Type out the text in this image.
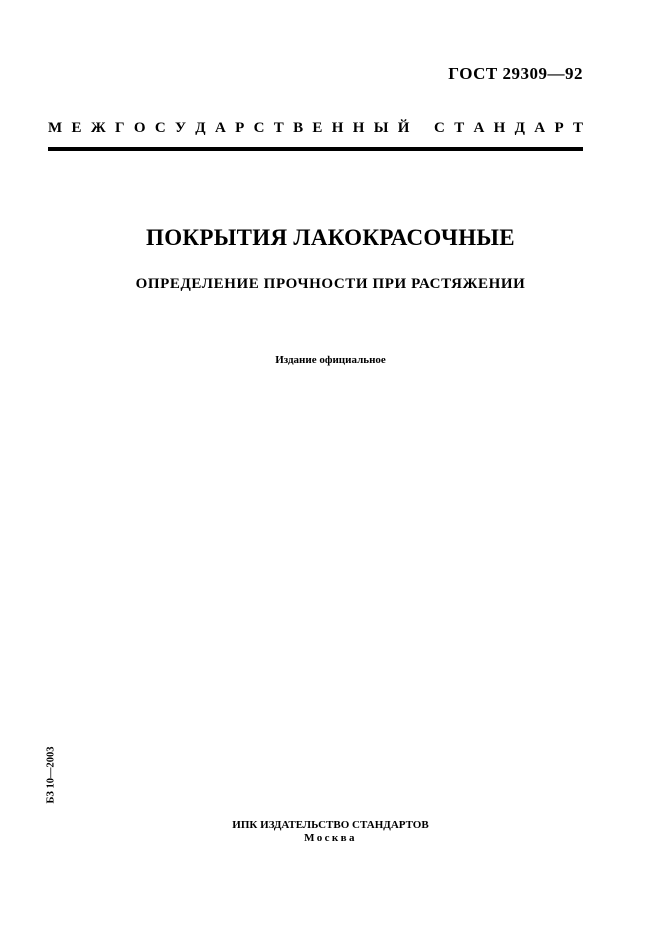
ГОСТ 29309—92
М Е Ж Г О С У Д А Р С Т В Е Н Н Ы Й С Т А Н Д А Р Т
ПОКРЫТИЯ ЛАКОКРАСОЧНЫЕ
ОПРЕДЕЛЕНИЕ ПРОЧНОСТИ ПРИ РАСТЯЖЕНИИ
Издание официальное
БЗ 10—2003
ИПК ИЗДАТЕЛЬСТВО СТАНДАРТОВ
Москва
